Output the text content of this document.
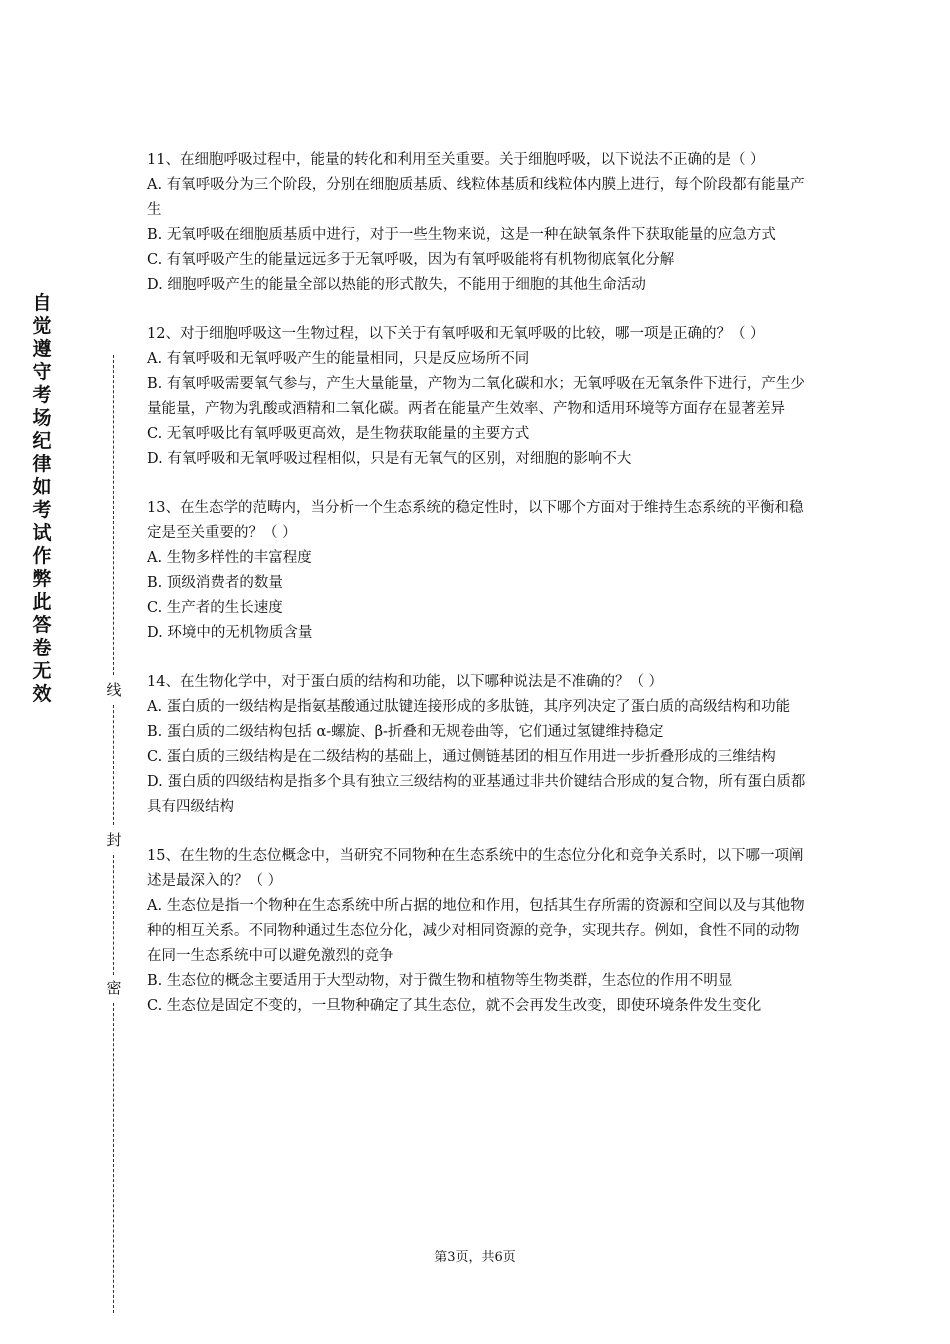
自觉遵守考场纪律如考试作弊此答卷无效	线
封
密

11、在细胞呼吸过程中，能量的转化和利用至关重要。关于细胞呼吸，以下说法不正确的是（ ）

A. 有氧呼吸分为三个阶段，分别在细胞质基质、线粒体基质和线粒体内膜上进行，每个阶段都有能量产生

B. 无氧呼吸在细胞质基质中进行，对于一些生物来说，这是一种在缺氧条件下获取能量的应急方式

C. 有氧呼吸产生的能量远远多于无氧呼吸，因为有氧呼吸能将有机物彻底氧化分解

D. 细胞呼吸产生的能量全部以热能的形式散失，不能用于细胞的其他生命活动

12、对于细胞呼吸这一生物过程，以下关于有氧呼吸和无氧呼吸的比较，哪一项是正确的？（ ）

A. 有氧呼吸和无氧呼吸产生的能量相同，只是反应场所不同

B. 有氧呼吸需要氧气参与，产生大量能量，产物为二氧化碳和水；无氧呼吸在无氧条件下进行，产生少量能量，产物为乳酸或酒精和二氧化碳。两者在能量产生效率、产物和适用环境等方面存在显著差异

C. 无氧呼吸比有氧呼吸更高效，是生物获取能量的主要方式

D. 有氧呼吸和无氧呼吸过程相似，只是有无氧气的区别，对细胞的影响不大

13、在生态学的范畴内，当分析一个生态系统的稳定性时，以下哪个方面对于维持生态系统的平衡和稳定是至关重要的？（ ）

A. 生物多样性的丰富程度

B. 顶级消费者的数量

C. 生产者的生长速度

D. 环境中的无机物质含量

14、在生物化学中，对于蛋白质的结构和功能，以下哪种说法是不准确的？（ ）

A. 蛋白质的一级结构是指氨基酸通过肽键连接形成的多肽链，其序列决定了蛋白质的高级结构和功能

B. 蛋白质的二级结构包括 α-螺旋、β-折叠和无规卷曲等，它们通过氢键维持稳定

C. 蛋白质的三级结构是在二级结构的基础上，通过侧链基团的相互作用进一步折叠形成的三维结构

D. 蛋白质的四级结构是指多个具有独立三级结构的亚基通过非共价键结合形成的复合物，所有蛋白质都具有四级结构

15、在生物的生态位概念中，当研究不同物种在生态系统中的生态位分化和竞争关系时，以下哪一项阐述是最深入的？（ ）

A. 生态位是指一个物种在生态系统中所占据的地位和作用，包括其生存所需的资源和空间以及与其他物种的相互关系。不同物种通过生态位分化，减少对相同资源的竞争，实现共存。例如，食性不同的动物在同一生态系统中可以避免激烈的竞争

B. 生态位的概念主要适用于大型动物，对于微生物和植物等生物类群，生态位的作用不明显

C. 生态位是固定不变的，一旦物种确定了其生态位，就不会再发生改变，即使环境条件发生变化

第3页，共6页
